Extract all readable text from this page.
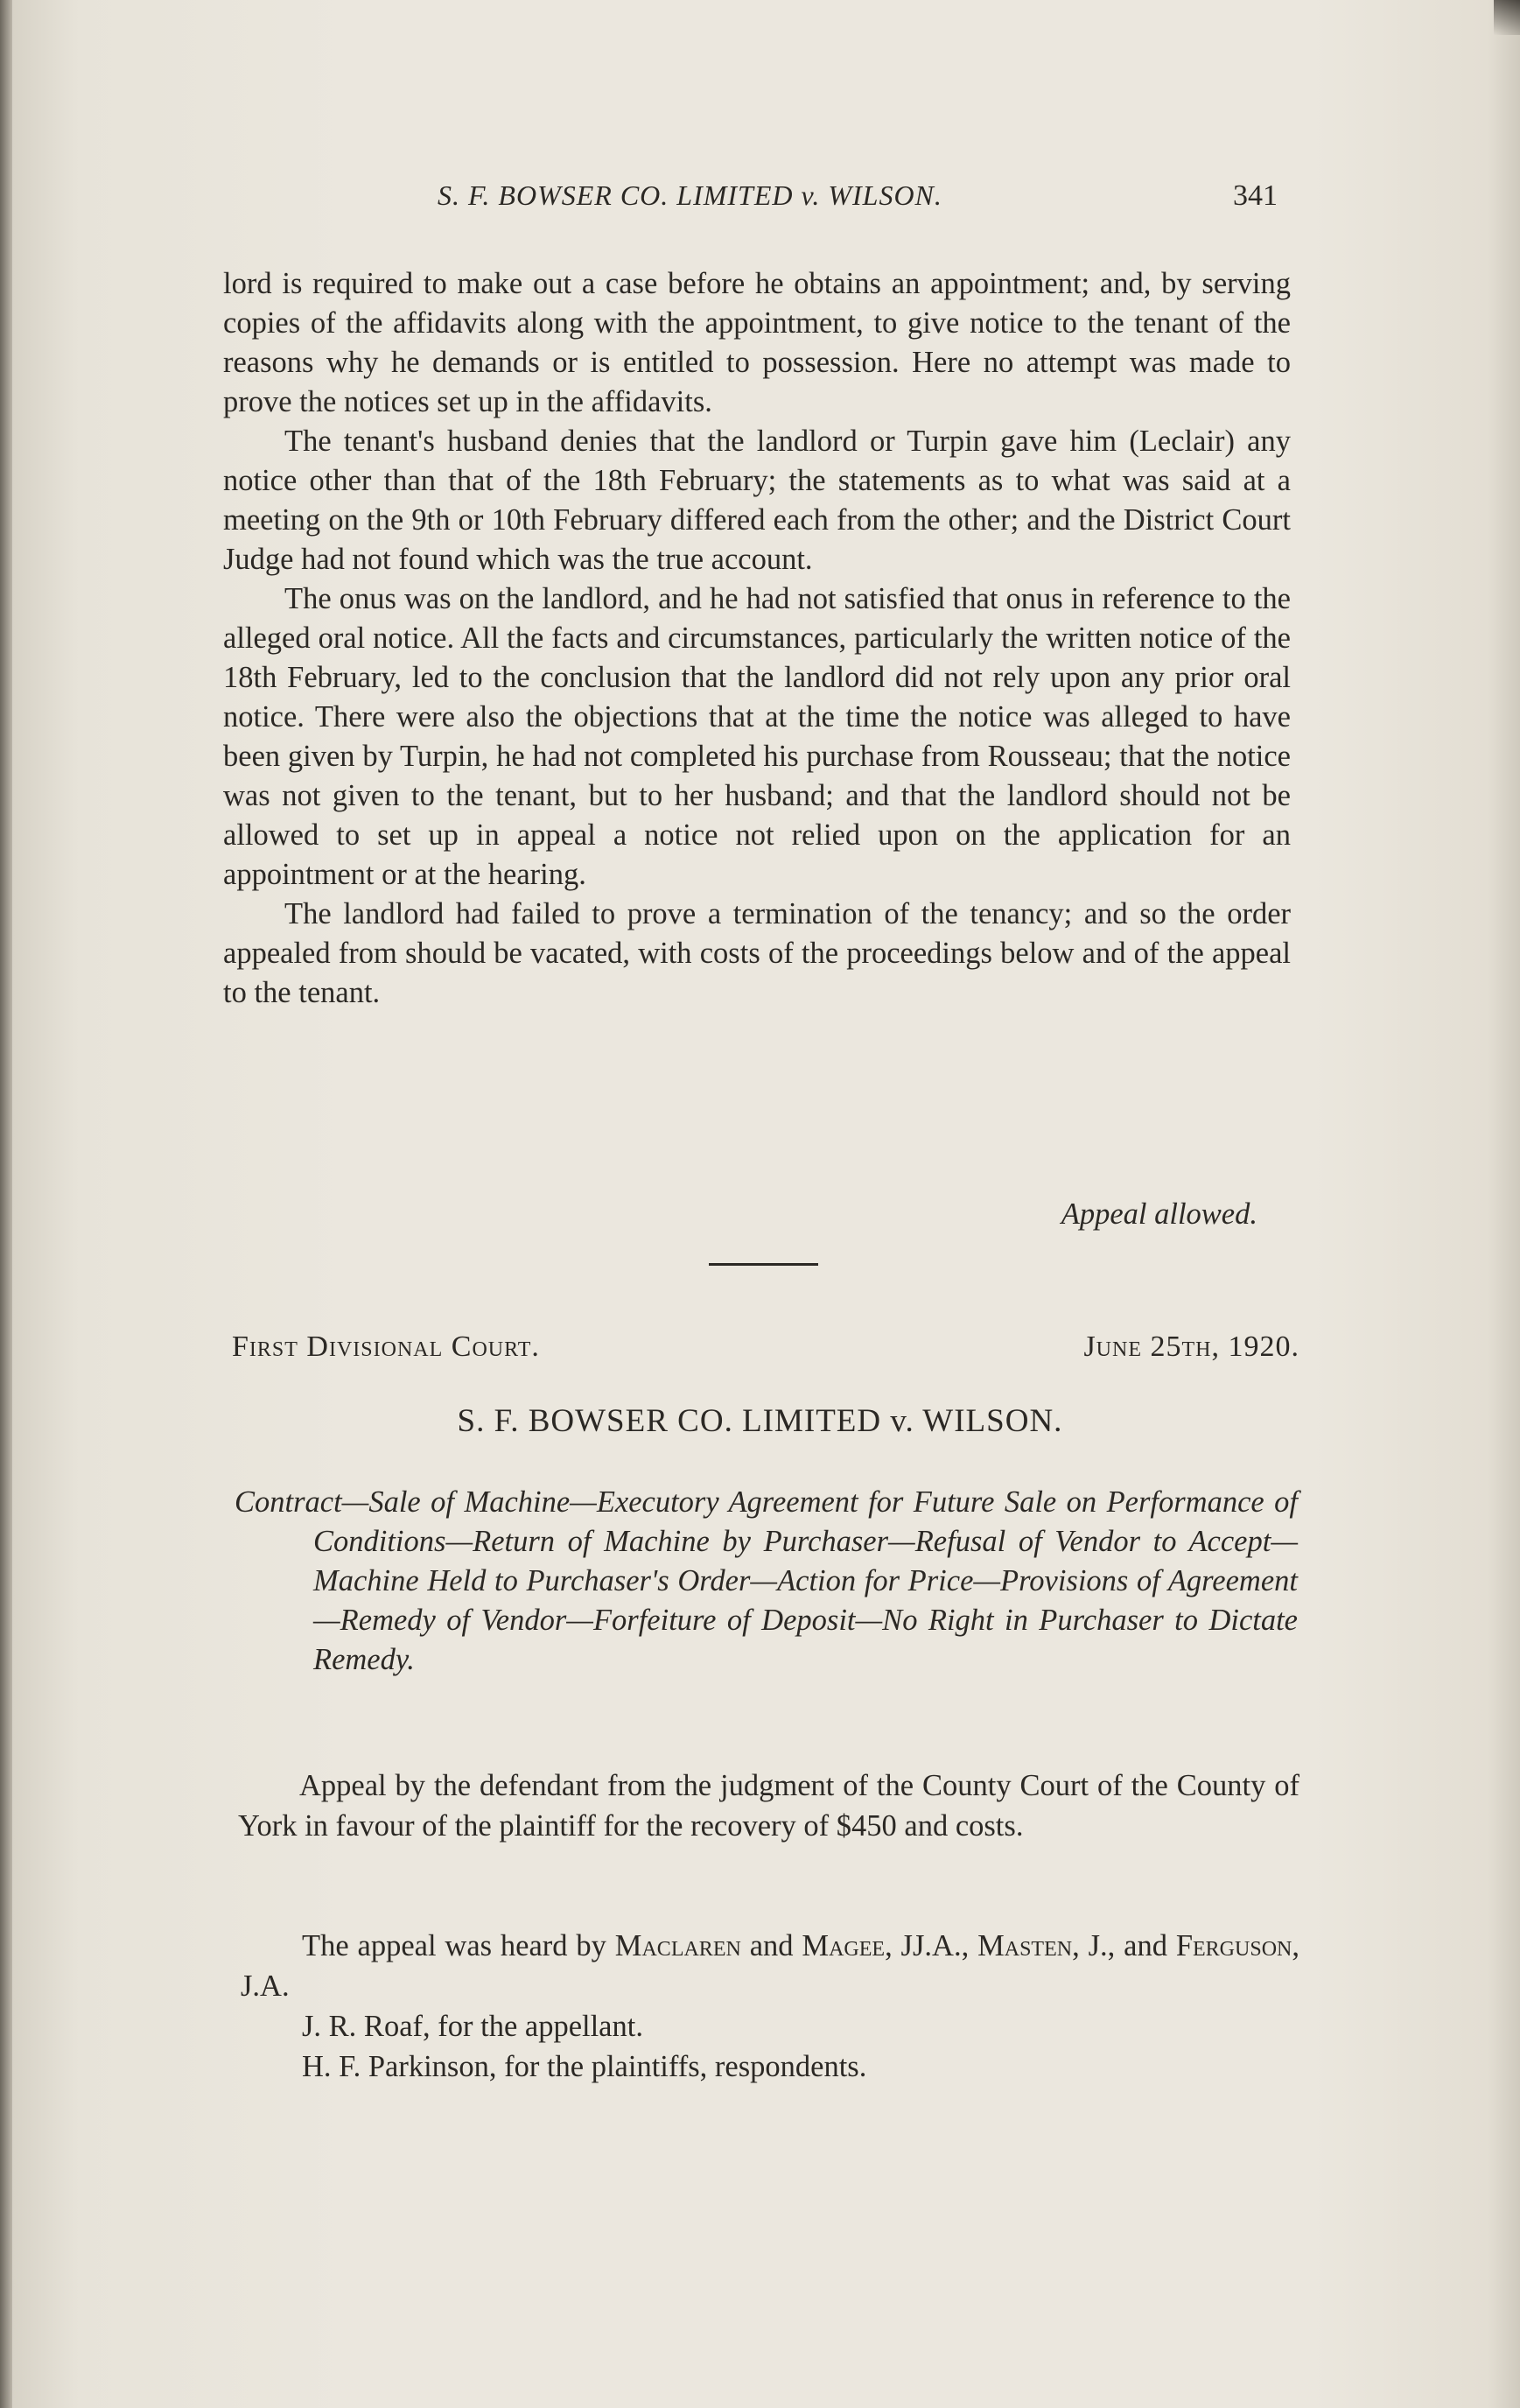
S. F. BOWSER CO. LIMITED v. WILSON.	341

lord is required to make out a case before he obtains an appointment; and, by serving copies of the affidavits along with the appointment, to give notice to the tenant of the reasons why he demands or is entitled to possession. Here no attempt was made to prove the notices set up in the affidavits.

The tenant's husband denies that the landlord or Turpin gave him (Leclair) any notice other than that of the 18th February; the statements as to what was said at a meeting on the 9th or 10th February differed each from the other; and the District Court Judge had not found which was the true account.

The onus was on the landlord, and he had not satisfied that onus in reference to the alleged oral notice. All the facts and circumstances, particularly the written notice of the 18th February, led to the conclusion that the landlord did not rely upon any prior oral notice. There were also the objections that at the time the notice was alleged to have been given by Turpin, he had not completed his purchase from Rousseau; that the notice was not given to the tenant, but to her husband; and that the landlord should not be allowed to set up in appeal a notice not relied upon on the application for an appointment or at the hearing.

The landlord had failed to prove a termination of the tenancy; and so the order appealed from should be vacated, with costs of the proceedings below and of the appeal to the tenant.

Appeal allowed.
First Divisional Court.	June 25th, 1920.
S. F. BOWSER CO. LIMITED v. WILSON.
Contract—Sale of Machine—Executory Agreement for Future Sale on Performance of Conditions—Return of Machine by Purchaser—Refusal of Vendor to Accept—Machine Held to Purchaser's Order—Action for Price—Provisions of Agreement—Remedy of Vendor—Forfeiture of Deposit—No Right in Purchaser to Dictate Remedy.
Appeal by the defendant from the judgment of the County Court of the County of York in favour of the plaintiff for the recovery of $450 and costs.

The appeal was heard by Maclaren and Magee, JJ.A., Masten, J., and Ferguson, J.A.

J. R. Roaf, for the appellant.

H. F. Parkinson, for the plaintiffs, respondents.
